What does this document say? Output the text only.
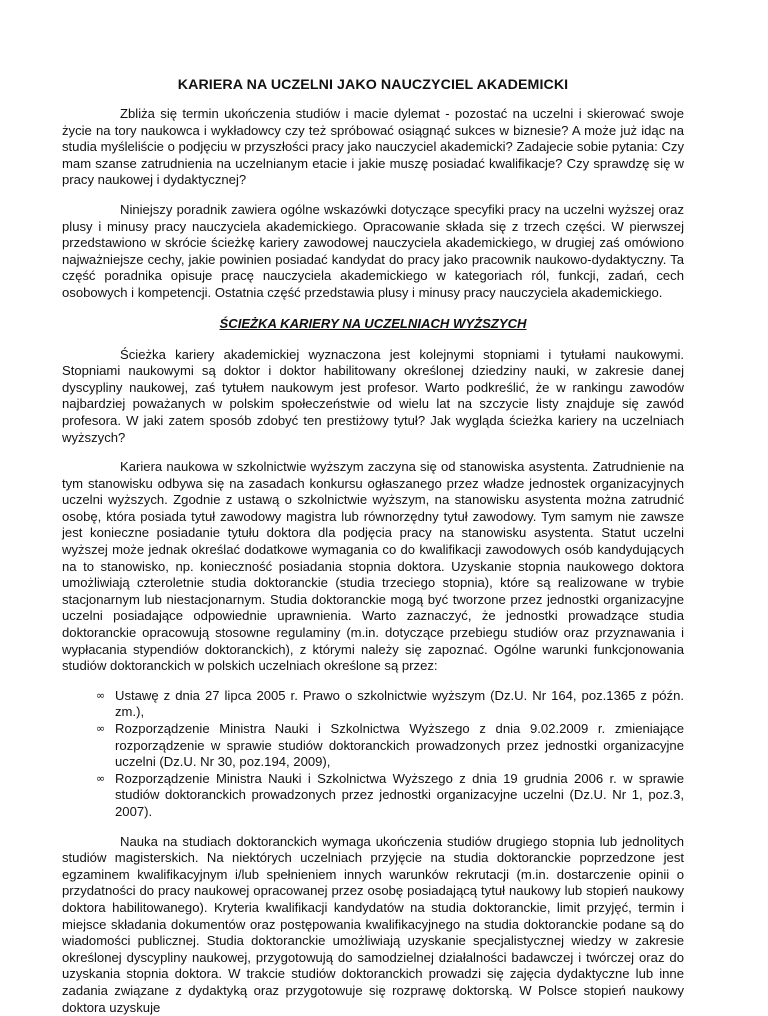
KARIERA NA UCZELNI JAKO NAUCZYCIEL AKADEMICKI

Zbliża się termin ukończenia studiów i macie dylemat - pozostać na uczelni i skierować swoje życie na tory naukowca i wykładowcy czy też spróbować osiągnąć sukces w biznesie? A może już idąc na studia myśleliście o podjęciu w przyszłości pracy jako nauczyciel akademicki? Zadajecie sobie pytania: Czy mam szanse zatrudnienia na uczelnianym etacie i jakie muszę posiadać kwalifikacje? Czy sprawdzę się w pracy naukowej i dydaktycznej?

Niniejszy poradnik zawiera ogólne wskazówki dotyczące specyfiki pracy na uczelni wyższej oraz plusy i minusy pracy nauczyciela akademickiego. Opracowanie składa się z trzech części. W pierwszej przedstawiono w skrócie ścieżkę kariery zawodowej nauczyciela akademickiego, w drugiej zaś omówiono najważniejsze cechy, jakie powinien posiadać kandydat do pracy jako pracownik naukowo-dydaktyczny. Ta część poradnika opisuje pracę nauczyciela akademickiego w kategoriach ról, funkcji, zadań, cech osobowych i kompetencji. Ostatnia część przedstawia plusy i minusy pracy nauczyciela akademickiego.

ŚCIEŻKA KARIERY NA UCZELNIACH WYŻSZYCH

Ścieżka kariery akademickiej wyznaczona jest kolejnymi stopniami i tytułami naukowymi. Stopniami naukowymi są doktor i doktor habilitowany określonej dziedziny nauki, w zakresie danej dyscypliny naukowej, zaś tytułem naukowym jest profesor. Warto podkreślić, że w rankingu zawodów najbardziej poważanych w polskim społeczeństwie od wielu lat na szczycie listy znajduje się zawód profesora. W jaki zatem sposób zdobyć ten prestiżowy tytuł? Jak wygląda ścieżka kariery na uczelniach wyższych?

Kariera naukowa w szkolnictwie wyższym zaczyna się od stanowiska asystenta. Zatrudnienie na tym stanowisku odbywa się na zasadach konkursu ogłaszanego przez władze jednostek organizacyjnych uczelni wyższych. Zgodnie z ustawą o szkolnictwie wyższym, na stanowisku asystenta można zatrudnić osobę, która posiada tytuł zawodowy magistra lub równorzędny tytuł zawodowy. Tym samym nie zawsze jest konieczne posiadanie tytułu doktora dla podjęcia pracy na stanowisku asystenta. Statut uczelni wyższej może jednak określać dodatkowe wymagania co do kwalifikacji zawodowych osób kandydujących na to stanowisko, np. konieczność posiadania stopnia doktora. Uzyskanie stopnia naukowego doktora umożliwiają czteroletnie studia doktoranckie (studia trzeciego stopnia), które są realizowane w trybie stacjonarnym lub niestacjonarnym. Studia doktoranckie mogą być tworzone przez jednostki organizacyjne uczelni posiadające odpowiednie uprawnienia. Warto zaznaczyć, że jednostki prowadzące studia doktoranckie opracowują stosowne regulaminy (m.in. dotyczące przebiegu studiów oraz przyznawania i wypłacania stypendiów doktoranckich), z którymi należy się zapoznać. Ogólne warunki funkcjonowania studiów doktoranckich w polskich uczelniach określone są przez:

∞ Ustawę z dnia 27 lipca 2005 r. Prawo o szkolnictwie wyższym (Dz.U. Nr 164, poz.1365 z późn. zm.),
∞ Rozporządzenie Ministra Nauki i Szkolnictwa Wyższego z dnia 9.02.2009 r. zmieniające rozporządzenie w sprawie studiów doktoranckich prowadzonych przez jednostki organizacyjne uczelni (Dz.U. Nr 30, poz.194, 2009),
∞ Rozporządzenie Ministra Nauki i Szkolnictwa Wyższego z dnia 19 grudnia 2006 r. w sprawie studiów doktoranckich prowadzonych przez jednostki organizacyjne uczelni (Dz.U. Nr 1, poz.3, 2007).

Nauka na studiach doktoranckich wymaga ukończenia studiów drugiego stopnia lub jednolitych studiów magisterskich. Na niektórych uczelniach przyjęcie na studia doktoranckie poprzedzone jest egzaminem kwalifikacyjnym i/lub spełnieniem innych warunków rekrutacji (m.in. dostarczenie opinii o przydatności do pracy naukowej opracowanej przez osobę posiadającą tytuł naukowy lub stopień naukowy doktora habilitowanego). Kryteria kwalifikacji kandydatów na studia doktoranckie, limit przyjęć, termin i miejsce składania dokumentów oraz postępowania kwalifikacyjnego na studia doktoranckie podane są do wiadomości publicznej. Studia doktoranckie umożliwiają uzyskanie specjalistycznej wiedzy w zakresie określonej dyscypliny naukowej, przygotowują do samodzielnej działalności badawczej i twórczej oraz do uzyskania stopnia doktora. W trakcie studiów doktoranckich prowadzi się zajęcia dydaktyczne lub inne zadania związane z dydaktyką oraz przygotowuje się rozprawę doktorską. W Polsce stopień naukowy doktora uzyskuje
